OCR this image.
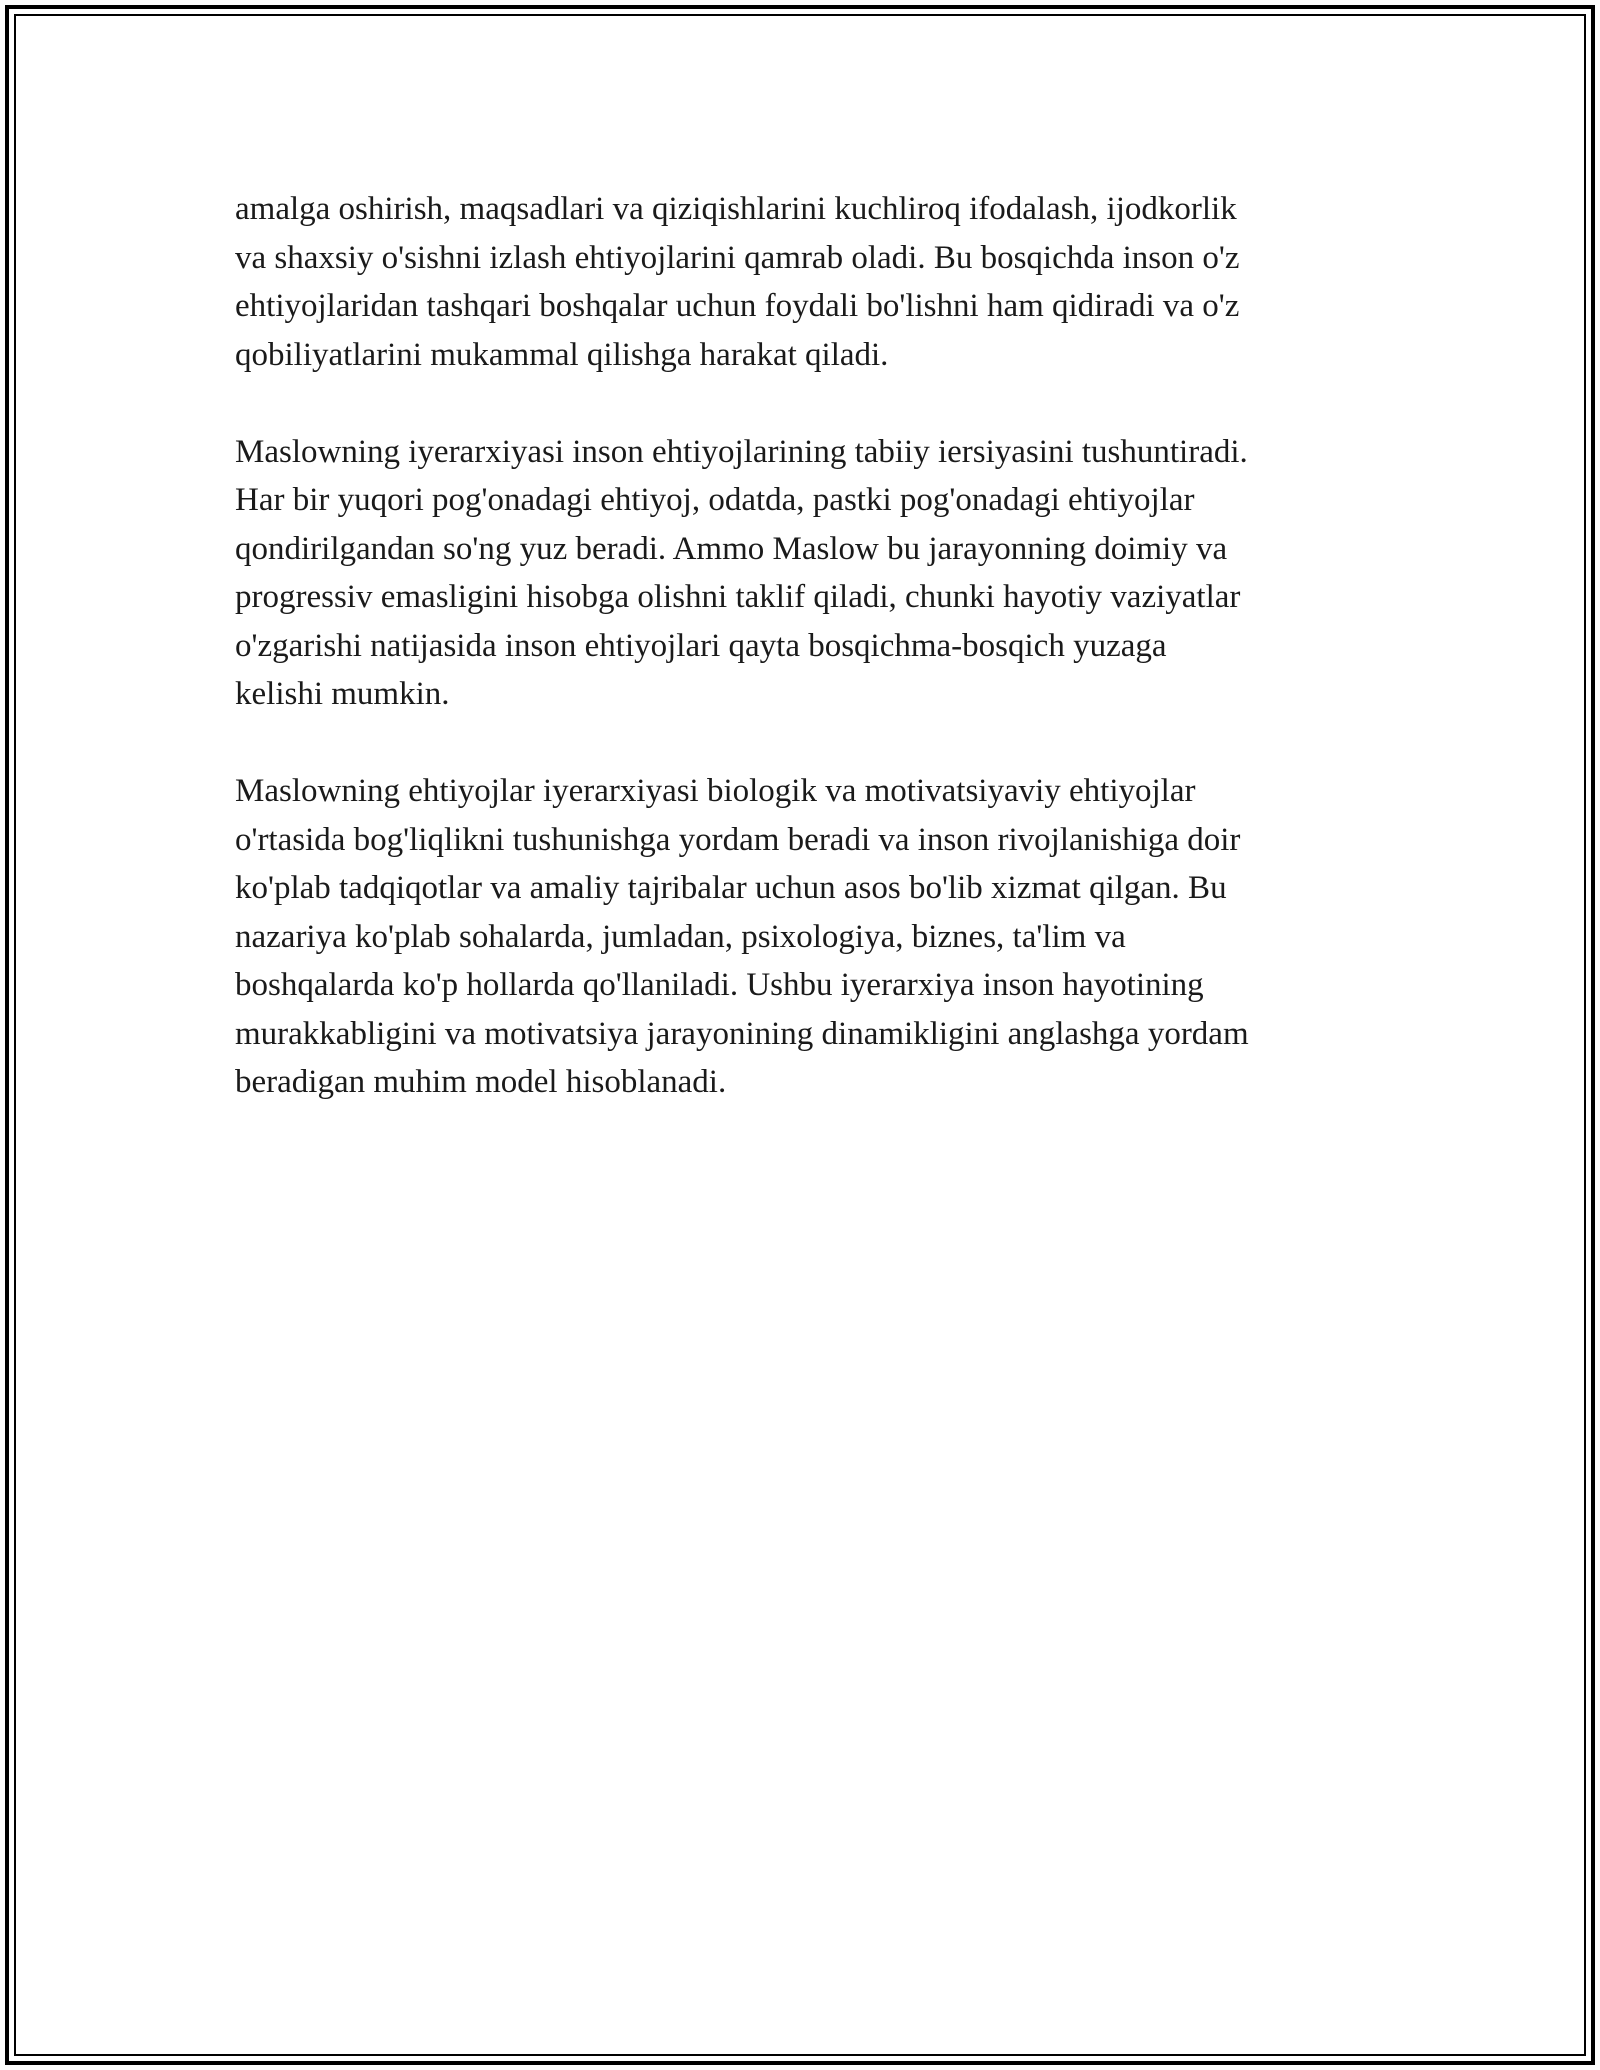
amalga oshirish, maqsadlari va qiziqishlarini kuchliroq ifodalash, ijodkorlik
va shaxsiy o'sishni izlash ehtiyojlarini qamrab oladi. Bu bosqichda inson o'z
ehtiyojlaridan tashqari boshqalar uchun foydali bo'lishni ham qidiradi va o'z
qobiliyatlarini mukammal qilishga harakat qiladi.

Maslowning iyerarxiyasi inson ehtiyojlarining tabiiy iersiyasini tushuntiradi.
Har bir yuqori pog'onadagi ehtiyoj, odatda, pastki pog'onadagi ehtiyojlar
qondirilgandan so'ng yuz beradi. Ammo Maslow bu jarayonning doimiy va
progressiv emasligini hisobga olishni taklif qiladi, chunki hayotiy vaziyatlar
o'zgarishi natijasida inson ehtiyojlari qayta bosqichma-bosqich yuzaga
kelishi mumkin.

Maslowning ehtiyojlar iyerarxiyasi biologik va motivatsiyaviy ehtiyojlar
o'rtasida bog'liqlikni tushunishga yordam beradi va inson rivojlanishiga doir
ko'plab tadqiqotlar va amaliy tajribalar uchun asos bo'lib xizmat qilgan. Bu
nazariya ko'plab sohalarda, jumladan, psixologiya, biznes, ta'lim va
boshqalarda ko'p hollarda qo'llaniladi. Ushbu iyerarxiya inson hayotining
murakkabligini va motivatsiya jarayonining dinamikligini anglashga yordam
beradigan muhim model hisoblanadi.
